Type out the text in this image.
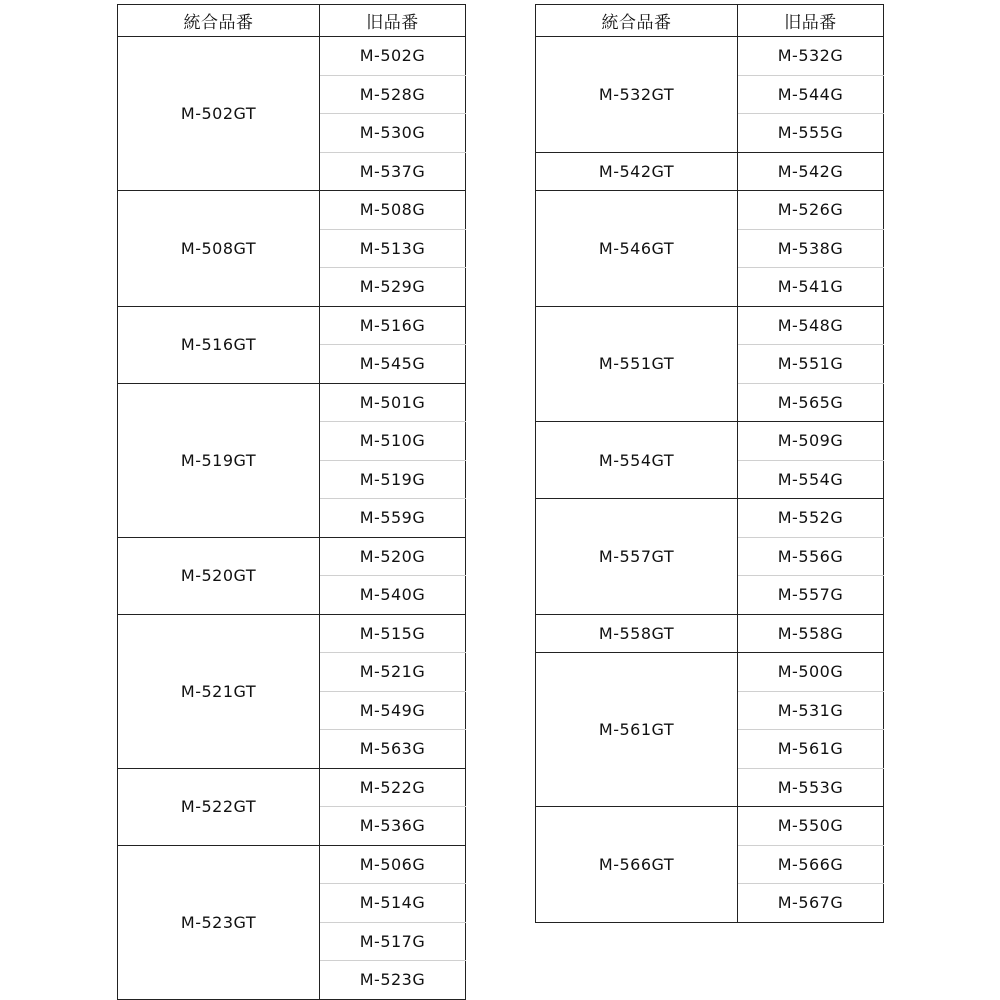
統合品番	旧品番
M-502GT	M-502G
	M-528G
	M-530G
	M-537G
M-508GT	M-508G
	M-513G
	M-529G
M-516GT	M-516G
	M-545G
M-519GT	M-501G
	M-510G
	M-519G
	M-559G
M-520GT	M-520G
	M-540G
M-521GT	M-515G
	M-521G
	M-549G
	M-563G
M-522GT	M-522G
	M-536G
M-523GT	M-506G
	M-514G
	M-517G
	M-523G
統合品番	旧品番
M-532GT	M-532G
	M-544G
	M-555G
M-542GT	M-542G
M-546GT	M-526G
	M-538G
	M-541G
M-551GT	M-548G
	M-551G
	M-565G
M-554GT	M-509G
	M-554G
M-557GT	M-552G
	M-556G
	M-557G
M-558GT	M-558G
M-561GT	M-500G
	M-531G
	M-561G
	M-553G
M-566GT	M-550G
	M-566G
	M-567G
